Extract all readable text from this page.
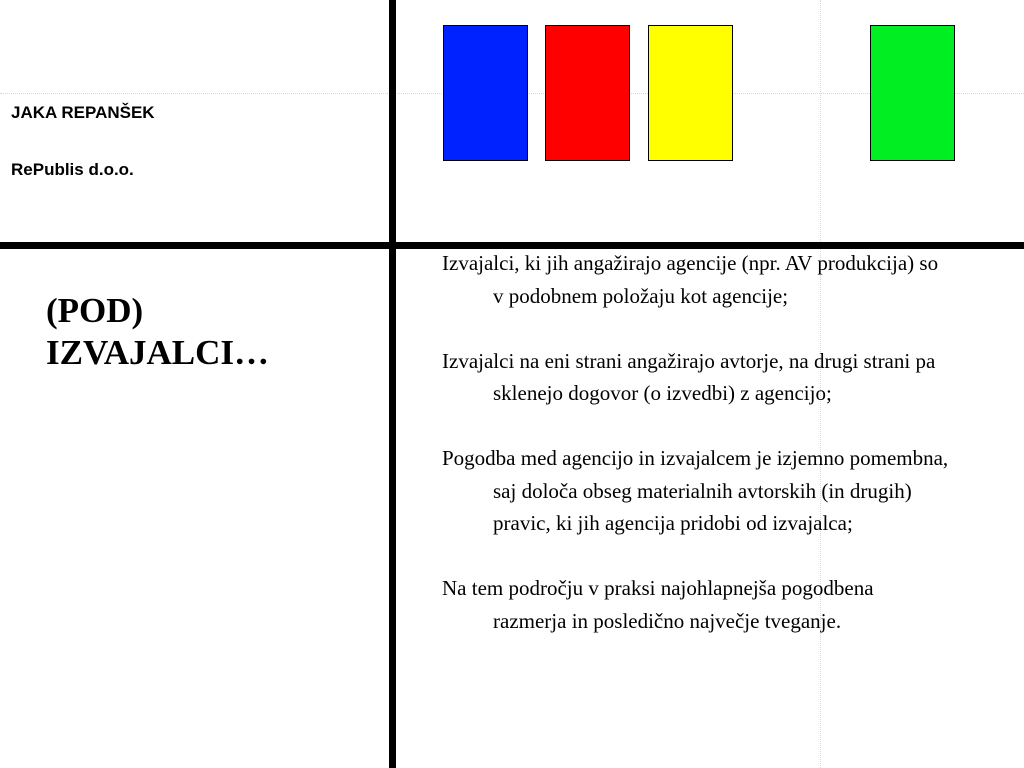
JAKA REPANŠEK
RePublis d.o.o.
(POD)
IZVAJALCI…
Izvajalci, ki jih angažirajo agencije (npr. AV produkcija) so v podobnem položaju kot agencije;
Izvajalci na eni strani angažirajo avtorje, na drugi strani pa sklenejo dogovor (o izvedbi) z agencijo;
Pogodba med agencijo in izvajalcem je izjemno pomembna, saj določa obseg materialnih avtorskih (in drugih) pravic, ki jih agencija pridobi od izvajalca;
Na tem področju v praksi najohlapnejša pogodbena razmerja in posledično največje tveganje.
